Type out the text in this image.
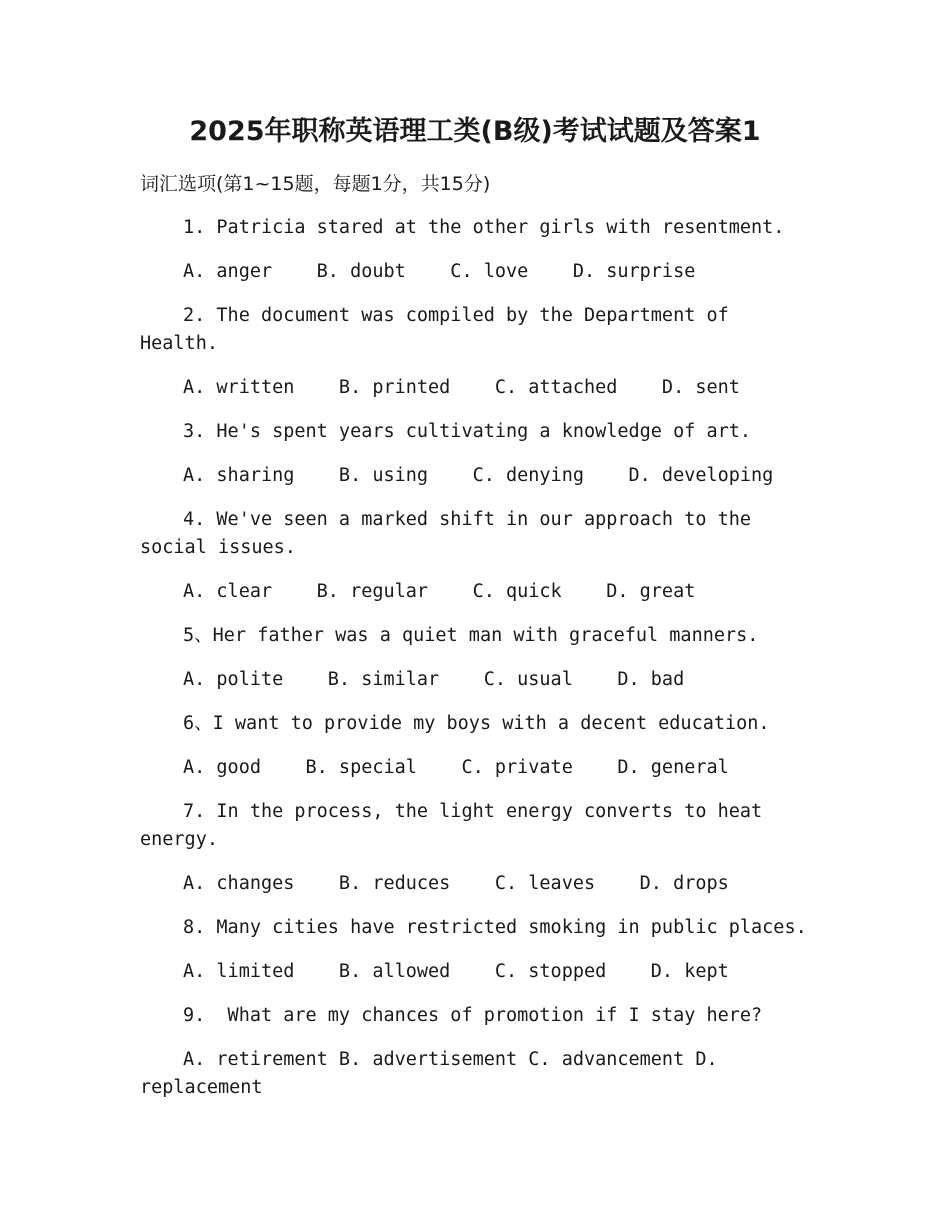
2025年职称英语理工类(B级)考试试题及答案1
词汇选项(第1~15题，每题1分，共15分)
1. Patricia stared at the other girls with resentment.
A. anger    B. doubt    C. love    D. surprise
2. The document was compiled by the Department of Health.
A. written    B. printed    C. attached    D. sent
3. He's spent years cultivating a knowledge of art.
A. sharing    B. using    C. denying    D. developing
4. We've seen a marked shift in our approach to the social issues.
A. clear    B. regular    C. quick    D. great
5、Her father was a quiet man with graceful manners.
A. polite    B. similar    C. usual    D. bad
6、I want to provide my boys with a decent education.
A. good    B. special    C. private    D. general
7. In the process, the light energy converts to heat energy.
A. changes    B. reduces    C. leaves    D. drops
8. Many cities have restricted smoking in public places.
A. limited    B. allowed    C. stopped    D. kept
9.  What are my chances of promotion if I stay here?
A. retirement B. advertisement C. advancement D. replacement
